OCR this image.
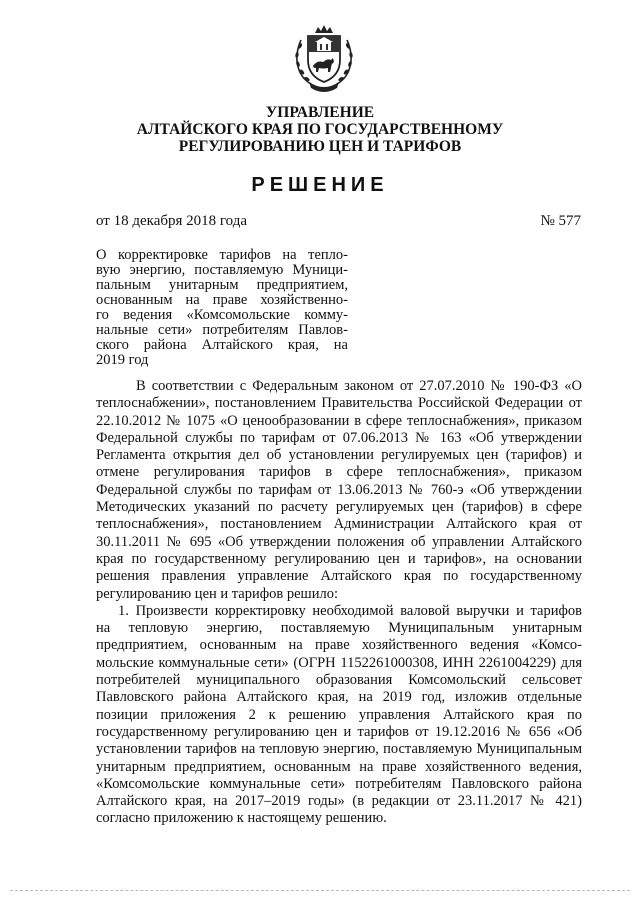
УПРАВЛЕНИЕ
АЛТАЙСКОГО КРАЯ ПО ГОСУДАРСТВЕННОМУ
РЕГУЛИРОВАНИЮ ЦЕН И ТАРИФОВ
РЕШЕНИЕ
от 18 декабря 2018 года	№ 577
О корректировке тарифов на тепло-
вую энергию, поставляемую Муници-
пальным унитарным предприятием,
основанным на праве хозяйственно-
го ведения «Комсомольские комму-
нальные сети» потребителям Павлов-
ского района Алтайского края, на
2019 год
В соответствии с Федеральным законом от 27.07.2010 № 190-ФЗ «О
теплоснабжении», постановлением Правительства Российской Федерации от
22.10.2012 № 1075 «О ценообразовании в сфере теплоснабжения», приказом
Федеральной службы по тарифам от 07.06.2013 № 163 «Об утверждении
Регламента открытия дел об установлении регулируемых цен (тарифов) и
отмене регулирования тарифов в сфере теплоснабжения», приказом
Федеральной службы по тарифам от 13.06.2013 № 760-э «Об утверждении
Методических указаний по расчету регулируемых цен (тарифов) в сфере
теплоснабжения», постановлением Администрации Алтайского края от
30.11.2011 № 695 «Об утверждении положения об управлении Алтайского
края по государственному регулированию цен и тарифов», на основании
решения правления управление Алтайского края по государственному
регулированию цен и тарифов решило:
1. Произвести корректировку необходимой валовой выручки и тарифов
на тепловую энергию, поставляемую Муниципальным унитарным
предприятием, основанным на праве хозяйственного ведения «Комсо-
мольские коммунальные сети» (ОГРН 1152261000308, ИНН 2261004229) для
потребителей муниципального образования Комсомольский сельсовет
Павловского района Алтайского края, на 2019 год, изложив отдельные
позиции приложения 2 к решению управления Алтайского края по
государственному регулированию цен и тарифов от 19.12.2016 № 656 «Об
установлении тарифов на тепловую энергию, поставляемую Муниципальным
унитарным предприятием, основанным на праве хозяйственного ведения,
«Комсомольские коммунальные сети» потребителям Павловского района
Алтайского края, на 2017–2019 годы» (в редакции от 23.11.2017 № 421)
согласно приложению к настоящему решению.
